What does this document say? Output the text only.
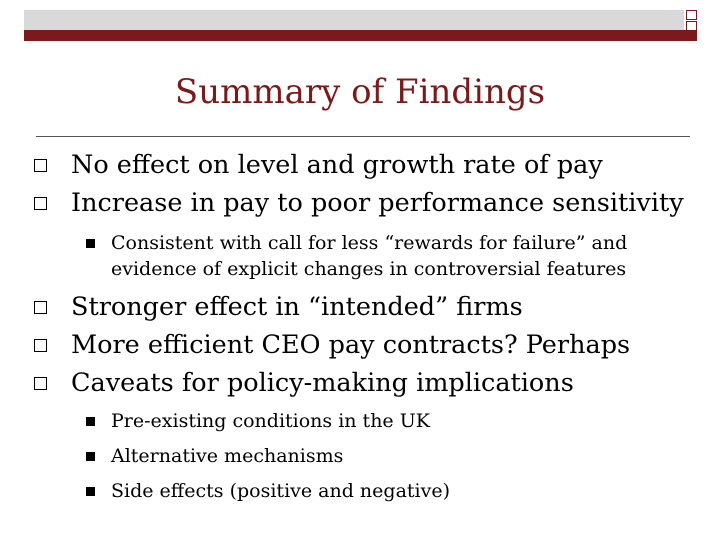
Summary of Findings
No effect on level and growth rate of pay
Increase in pay to poor performance sensitivity
Consistent with call for less “rewards for failure” and evidence of explicit changes in controversial features
Stronger effect in “intended” firms
More efficient CEO pay contracts? Perhaps
Caveats for policy-making implications
Pre-existing conditions in the UK
Alternative mechanisms
Side effects (positive and negative)
